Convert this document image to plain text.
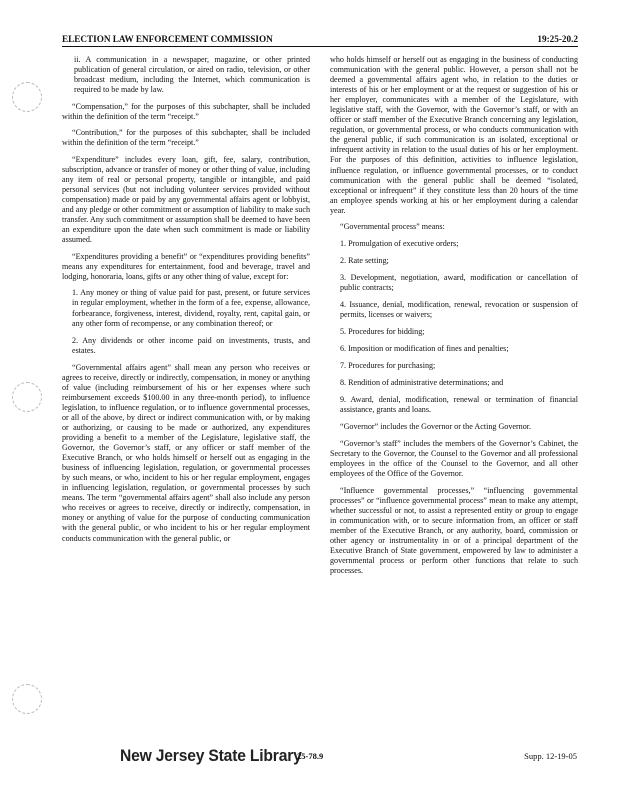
ELECTION LAW ENFORCEMENT COMMISSION	19:25-20.2

ii. A communication in a newspaper, magazine, or other printed publication of general circulation, or aired on radio, television, or other broadcast medium, including the Internet, which communication is required to be made by law.

“Compensation,” for the purposes of this subchapter, shall be included within the definition of the term “receipt.”

“Contribution,” for the purposes of this subchapter, shall be included within the definition of the term “receipt.”

“Expenditure” includes every loan, gift, fee, salary, contribution, subscription, advance or transfer of money or other thing of value, including any item of real or personal property, tangible or intangible, and paid personal services (but not including volunteer services provided without compensation) made or paid by any governmental affairs agent or lobbyist, and any pledge or other commitment or assumption of liability to make such transfer. Any such commitment or assumption shall be deemed to have been an expenditure upon the date when such commitment is made or liability assumed.

“Expenditures providing a benefit” or “expenditures providing benefits” means any expenditures for entertainment, food and beverage, travel and lodging, honoraria, loans, gifts or any other thing of value, except for:

1. Any money or thing of value paid for past, present, or future services in regular employment, whether in the form of a fee, expense, allowance, forbearance, forgiveness, interest, dividend, royalty, rent, capital gain, or any other form of recompense, or any combination thereof; or

2. Any dividends or other income paid on investments, trusts, and estates.

“Governmental affairs agent” shall mean any person who receives or agrees to receive, directly or indirectly, compensation, in money or anything of value (including reimbursement of his or her expenses where such reimbursement exceeds $100.00 in any three-month period), to influence legislation, to influence regulation, or to influence governmental processes, or all of the above, by direct or indirect communication with, or by making or authorizing, or causing to be made or authorized, any expenditures providing a benefit to a member of the Legislature, legislative staff, the Governor, the Governor’s staff, or any officer or staff member of the Executive Branch, or who holds himself or herself out as engaging in the business of influencing legislation, regulation, or governmental processes by such means, or who, incident to his or her regular employment, engages in influencing legislation, regulation, or governmental processes by such means. The term “governmental affairs agent” shall also include any person who receives or agrees to receive, directly or indirectly, compensation, in money or anything of value for the purpose of conducting communication with the general public, or who incident to his or her regular employment conducts communication with the general public, or

who holds himself or herself out as engaging in the business of conducting communication with the general public. However, a person shall not be deemed a governmental affairs agent who, in relation to the duties or interests of his or her employment or at the request or suggestion of his or her employer, communicates with a member of the Legislature, with legislative staff, with the Governor, with the Governor’s staff, or with an officer or staff member of the Executive Branch concerning any legislation, regulation, or governmental process, or who conducts communication with the general public, if such communication is an isolated, exceptional or infrequent activity in relation to the usual duties of his or her employment. For the purposes of this definition, activities to influence legislation, influence regulation, or influence governmental processes, or to conduct communication with the general public shall be deemed “isolated, exceptional or infrequent” if they constitute less than 20 hours of the time an employee spends working at his or her employment during a calendar year.

“Governmental process” means:

1. Promulgation of executive orders;

2. Rate setting;

3. Development, negotiation, award, modification or cancellation of public contracts;

4. Issuance, denial, modification, renewal, revocation or suspension of permits, licenses or waivers;

5. Procedures for bidding;

6. Imposition or modification of fines and penalties;

7. Procedures for purchasing;

8. Rendition of administrative determinations; and

9. Award, denial, modification, renewal or termination of financial assistance, grants and loans.

“Governor” includes the Governor or the Acting Governor.

“Governor’s staff” includes the members of the Governor’s Cabinet, the Secretary to the Governor, the Counsel to the Governor and all professional employees in the office of the Counsel to the Governor, and all other employees of the Office of the Governor.

“Influence governmental processes,” “influencing governmental processes” or “influence governmental process” mean to make any attempt, whether successful or not, to assist a represented entity or group to engage in communication with, or to secure information from, an officer or staff member of the Executive Branch, or any authority, board, commission or other agency or instrumentality in or of a principal department of the Executive Branch of State government, empowered by law to administer a governmental process or perform other functions that relate to such processes.

New Jersey State Library
25-78.9	Supp. 12-19-05
